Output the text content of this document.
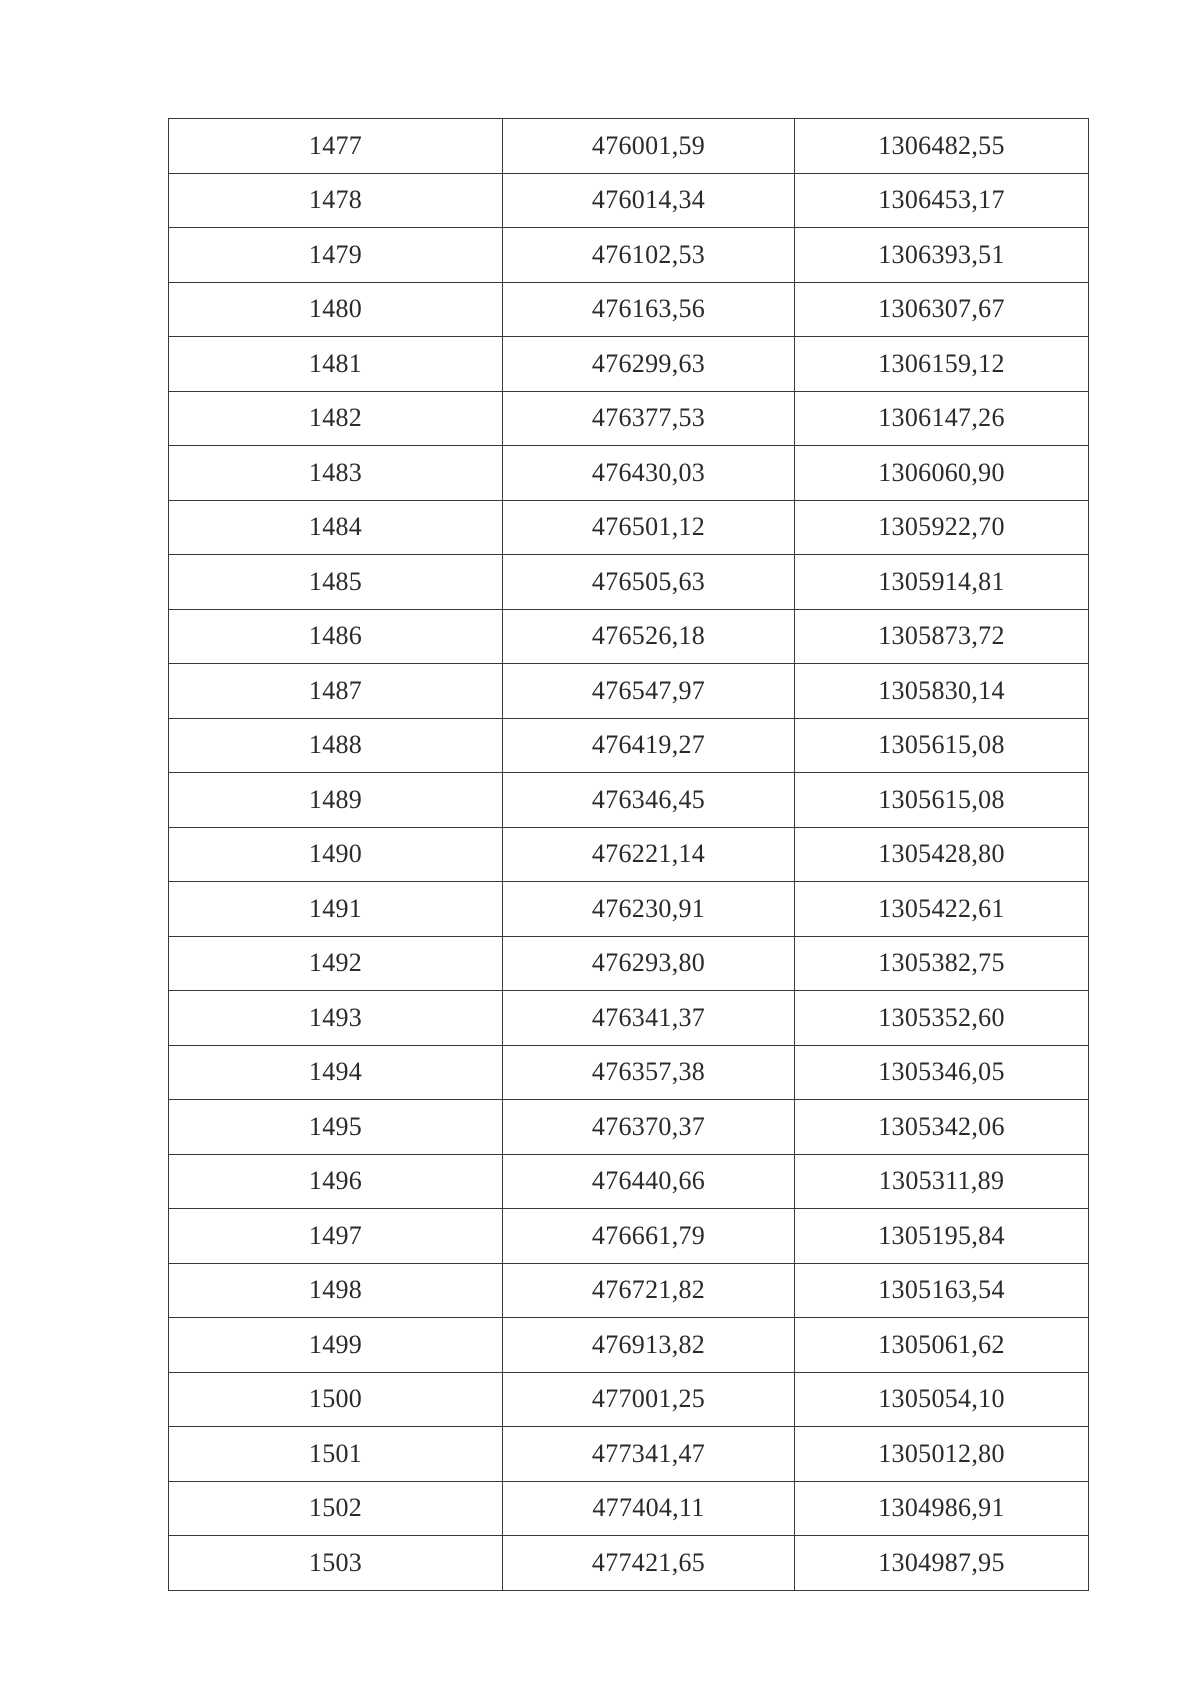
1477	476001,59	1306482,55
1478	476014,34	1306453,17
1479	476102,53	1306393,51
1480	476163,56	1306307,67
1481	476299,63	1306159,12
1482	476377,53	1306147,26
1483	476430,03	1306060,90
1484	476501,12	1305922,70
1485	476505,63	1305914,81
1486	476526,18	1305873,72
1487	476547,97	1305830,14
1488	476419,27	1305615,08
1489	476346,45	1305615,08
1490	476221,14	1305428,80
1491	476230,91	1305422,61
1492	476293,80	1305382,75
1493	476341,37	1305352,60
1494	476357,38	1305346,05
1495	476370,37	1305342,06
1496	476440,66	1305311,89
1497	476661,79	1305195,84
1498	476721,82	1305163,54
1499	476913,82	1305061,62
1500	477001,25	1305054,10
1501	477341,47	1305012,80
1502	477404,11	1304986,91
1503	477421,65	1304987,95
